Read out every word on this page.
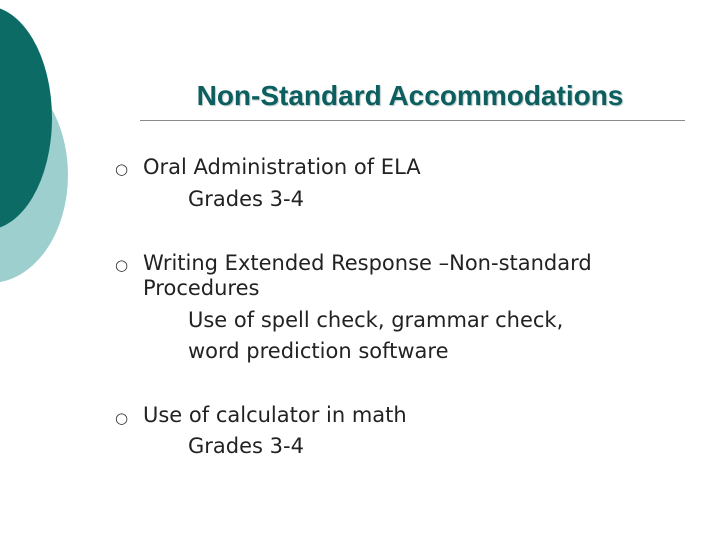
Non-Standard Accommodations
○ Oral Administration of ELA
Grades 3-4
○ Writing Extended Response –Non-standard
Procedures
Use of spell check, grammar check,
word prediction software
○ Use of calculator in math
Grades 3-4
